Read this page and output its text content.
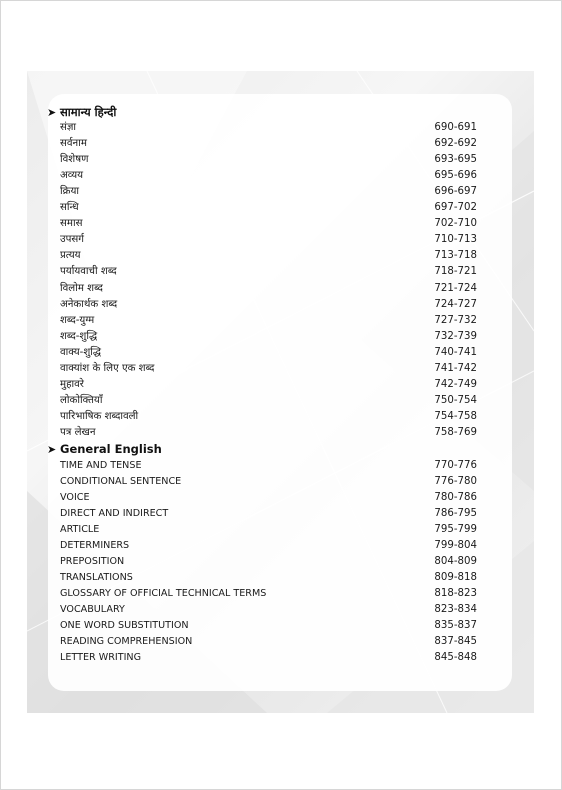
➤ सामान्य हिन्दी
संज्ञा	690-691
सर्वनाम	692-692
विशेषण	693-695
अव्यय	695-696
क्रिया	696-697
सन्धि	697-702
समास	702-710
उपसर्ग	710-713
प्रत्यय	713-718
पर्यायवाची शब्द	718-721
विलोम शब्द	721-724
अनेकार्थक शब्द	724-727
शब्द-युग्म	727-732
शब्द-शुद्धि	732-739
वाक्य-शुद्धि	740-741
वाक्यांश के लिए एक शब्द	741-742
मुहावरे	742-749
लोकोक्तियाँ	750-754
पारिभाषिक शब्दावली	754-758
पत्र लेखन	758-769
➤ General English
TIME AND TENSE	770-776
CONDITIONAL SENTENCE	776-780
VOICE	780-786
DIRECT AND INDIRECT	786-795
ARTICLE	795-799
DETERMINERS	799-804
PREPOSITION	804-809
TRANSLATIONS	809-818
GLOSSARY OF OFFICIAL TECHNICAL TERMS	818-823
VOCABULARY	823-834
ONE WORD SUBSTITUTION	835-837
READING COMPREHENSION	837-845
LETTER WRITING	845-848
